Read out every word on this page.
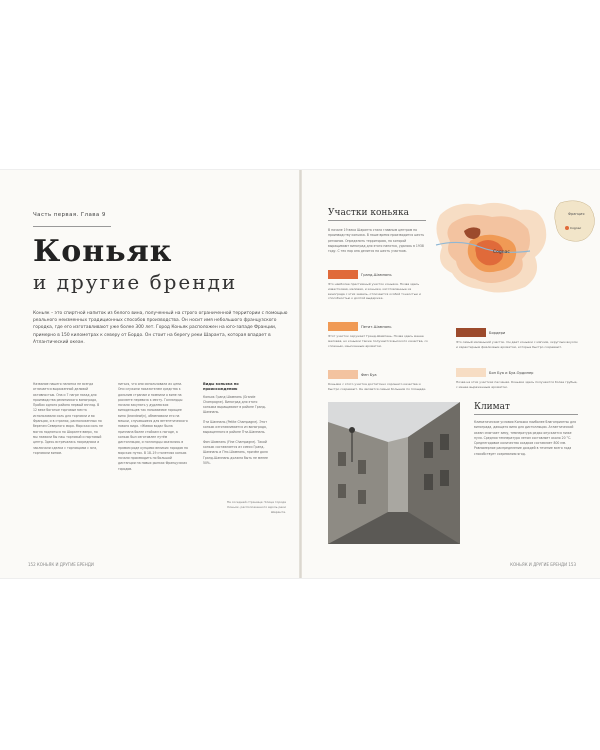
Часть первая. Глава 9
Коньяк
и другие бренди
Коньяк – это спиртной напиток из белого вина, полученный на строго ограниченной территории с помощью реального неизменных традиционных способов производства. Он носит имя небольшого французского городка, где его изготавливают уже более 300 лет. Город Коньяк расположен на юго-западе Франции, примерно в 150 километрах к северу от Бордо. Он стоит на берегу реки Шаранта, которая впадает в Атлантический океан.
Название нашего напитка не всегда отличается выраженной деловой активностью. Она и 7 нагре назад для производства реминиского винограда, Пробах одного района первый взгляд. В 12 веке богатые торговые места использовали соль для торговли и во Франции, и в странах, расположенных по берегам Северного моря. Морская соль не могла подняться по Шаранте вверх, но мы назвали бы наш торговый и портовый центр. Здесь встречались посредники и заключали сделки с торговцами с юга, торговали вином.
питься, что они использовали их цепи. Они служили показателем средства к дальним странам и помнили о вине на рассвете перевоза к месту. Голландцы начали закупать у дудлевских винодельцев так называемое горящее вино (brandewijn), обменивали его на мешки, случавшиеся для ветегетического нового вида. «Живая вода» была признана более стойким к погоде, а коньяк был изготовлен путём дистилляции, и голландцы оказались в прямом роде купцами великих городов на морских путях. В 18–19 столетиях коньяк начали производить по большой дистанции на новых рынках Французских городов.
Виды коньяка по происхождению

Коньяк Гранд Шампань (Grande Champagne). Виноград для этого коньяка выращивают в районе Гранд-Шампань.

Пти Шампань (Petite Champagne). Этот коньяк изготавливается из винограда, выращенного в районе Пти-Шампань.

Фин Шампань (Fine Champagne). Такой коньяк составляется из смеси Гранд-Шампань и Пти-Шампань, причём доля Гранд-Шампань должна быть не менее 50%.

На соседней странице: Улица города Коньяк, расположенного вдоль реки Шаранта.
152 КОНЬЯК И ДРУГИЕ БРЕНДИ
Участки коньяка
В начале 19 века Шаранта стала главным центром по производству коньяка. В наше время производится шесть регионов. Определить территорию, на которой выращивают виноград для этого напитка, удалось в 1938 году. С тех пор она делится на шесть участков.	Cognac
Франция
Cognac
Гранд-Шампань
Это наиболее престижный участок коньяка. Почва здесь известковая, меловая, и коньяки, изготовленные из винограда с этих земель, отличаются особой тонкостью и способностью к долгой выдержке.
Петит-Шампань
Этот участок окружает Гранд-Шампань. Почва здесь менее меловая, но коньяки также получаются высокого качества, со сложным, изысканным ароматом.
Бордери
Это самый маленький участок. Он дает коньяки с мягким, округлым вкусом и характерным фиалковым ароматом, которые быстро созревают.
Фен Буа
Коньяки с этого участка достаточно хорошего качества и быстро созревают. Он является самым большим по площади.
Бон Буа и Буа-Ординер
Почва на этих участках песчаная. Коньяки здесь получаются более грубые, с менее выраженным ароматом.
Климат
Климатические условия Коньяка наиболее благоприятны для винограда, дающего вина для дистилляции. Атлантический океан смягчает зиму, температура редко опускается ниже нуля. Средняя температура летом составляет около 20 °С. Среднегодовое количество осадков составляет 800 мм. Равномерное распределение дождей в течение всего года способствует созреванию ягод.
КОНЬЯК И ДРУГИЕ БРЕНДИ 153
